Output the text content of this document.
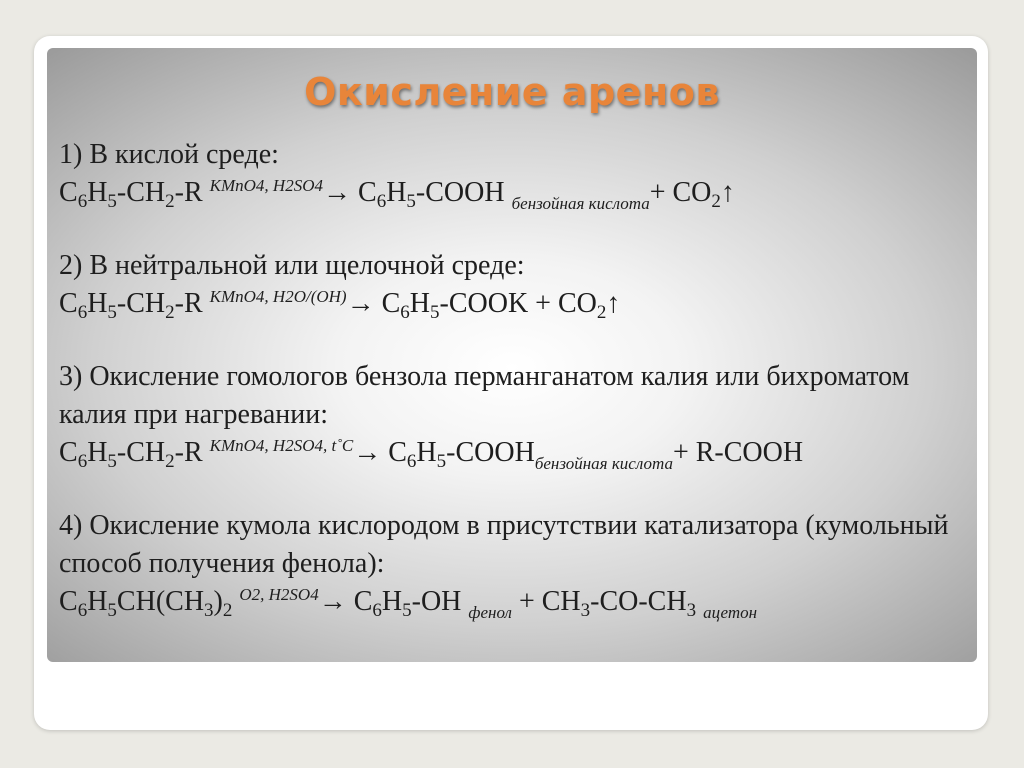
Окисление аренов
1) В кислой среде:
$C_6H_5-CH_2-R$ $^{KMnO4, H2SO4}\to C_6H_5$-COOH $_{бензойная кислота}+ CO_2↑$
2) В нейтральной или щелочной среде:
$C_6H_5-CH_2-R$ $^{KMnO4, H2O/(OH)}\to C_6H_5$-COOK + $CO_2↑$
3) Окисление гомологов бензола перманганатом калия или бихроматом калия при нагревании:
$C_6H_5-CH_2-R$ $^{KMnO4, H2SO4, t˚C}\to C_6H_5-COOH_{бензойная кислота}+$ R-COOH
4) Окисление кумола кислородом в присутствии катализатора (кумольный способ получения фенола):
$C_6H_5CH(CH_3)_2$ $^{O2, H2SO4}\to C_6H_5-OH$ $_{фенол} + CH_3-CO-CH_3$ $_{ацетон}$
